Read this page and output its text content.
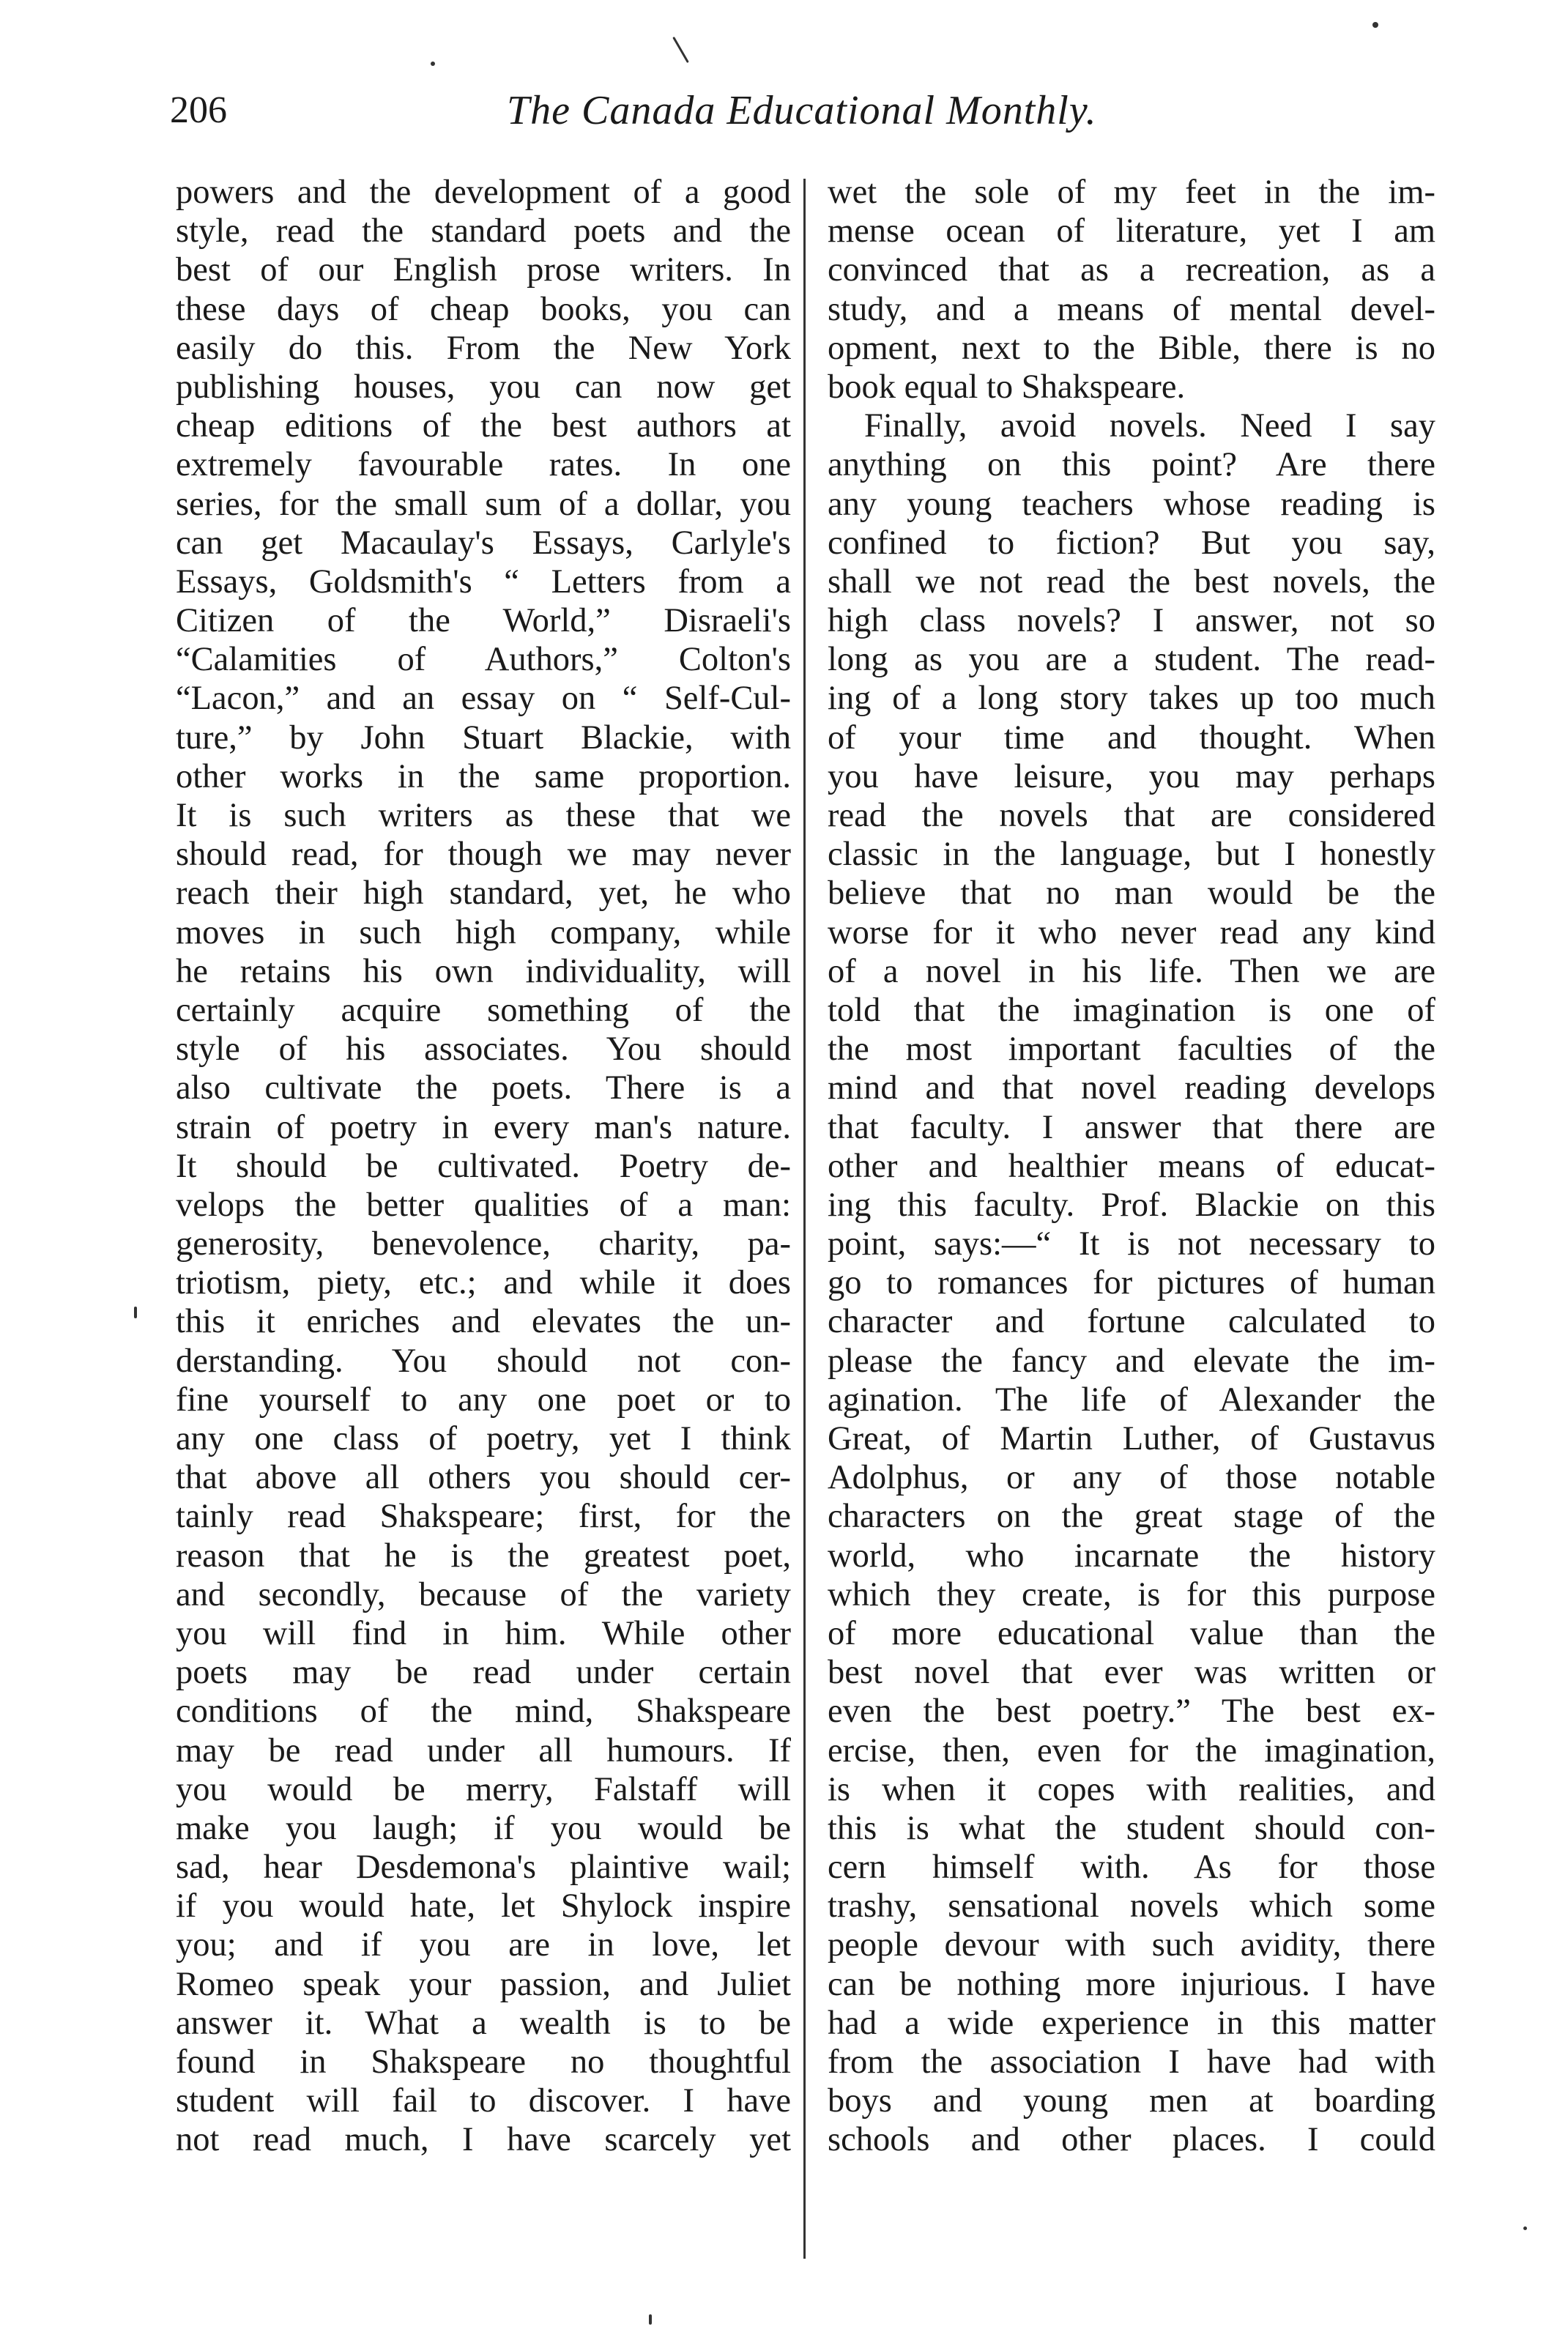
206	The Canada Educational Monthly.
powers and the development of a good
style, read the standard poets and the
best of our English prose writers. In
these days of cheap books, you can
easily do this. From the New York
publishing houses, you can now get
cheap editions of the best authors at
extremely favourable rates. In one
series, for the small sum of a dollar, you
can get Macaulay's Essays, Carlyle's
Essays, Goldsmith's “ Letters from a
Citizen of the World,” Disraeli's
“Calamities of Authors,” Colton's
“Lacon,” and an essay on “ Self-Cul-
ture,” by John Stuart Blackie, with
other works in the same proportion.
It is such writers as these that we
should read, for though we may never
reach their high standard, yet, he who
moves in such high company, while
he retains his own individuality, will
certainly acquire something of the
style of his associates. You should
also cultivate the poets. There is a
strain of poetry in every man's nature.
It should be cultivated. Poetry de-
velops the better qualities of a man:
generosity, benevolence, charity, pa-
triotism, piety, etc.; and while it does
this it enriches and elevates the un-
derstanding. You should not con-
fine yourself to any one poet or to
any one class of poetry, yet I think
that above all others you should cer-
tainly read Shakspeare; first, for the
reason that he is the greatest poet,
and secondly, because of the variety
you will find in him. While other
poets may be read under certain
conditions of the mind, Shakspeare
may be read under all humours. If
you would be merry, Falstaff will
make you laugh; if you would be
sad, hear Desdemona's plaintive wail;
if you would hate, let Shylock inspire
you; and if you are in love, let
Romeo speak your passion, and Juliet
answer it. What a wealth is to be
found in Shakspeare no thoughtful
student will fail to discover. I have
not read much, I have scarcely yet
wet the sole of my feet in the im-
mense ocean of literature, yet I am
convinced that as a recreation, as a
study, and a means of mental devel-
opment, next to the Bible, there is no
book equal to Shakspeare.
Finally, avoid novels. Need I say
anything on this point? Are there
any young teachers whose reading is
confined to fiction? But you say,
shall we not read the best novels, the
high class novels? I answer, not so
long as you are a student. The read-
ing of a long story takes up too much
of your time and thought. When
you have leisure, you may perhaps
read the novels that are considered
classic in the language, but I honestly
believe that no man would be the
worse for it who never read any kind
of a novel in his life. Then we are
told that the imagination is one of
the most important faculties of the
mind and that novel reading develops
that faculty. I answer that there are
other and healthier means of educat-
ing this faculty. Prof. Blackie on this
point, says:—“ It is not necessary to
go to romances for pictures of human
character and fortune calculated to
please the fancy and elevate the im-
agination. The life of Alexander the
Great, of Martin Luther, of Gustavus
Adolphus, or any of those notable
characters on the great stage of the
world, who incarnate the history
which they create, is for this purpose
of more educational value than the
best novel that ever was written or
even the best poetry.” The best ex-
ercise, then, even for the imagination,
is when it copes with realities, and
this is what the student should con-
cern himself with. As for those
trashy, sensational novels which some
people devour with such avidity, there
can be nothing more injurious. I have
had a wide experience in this matter
from the association I have had with
boys and young men at boarding
schools and other places. I could
